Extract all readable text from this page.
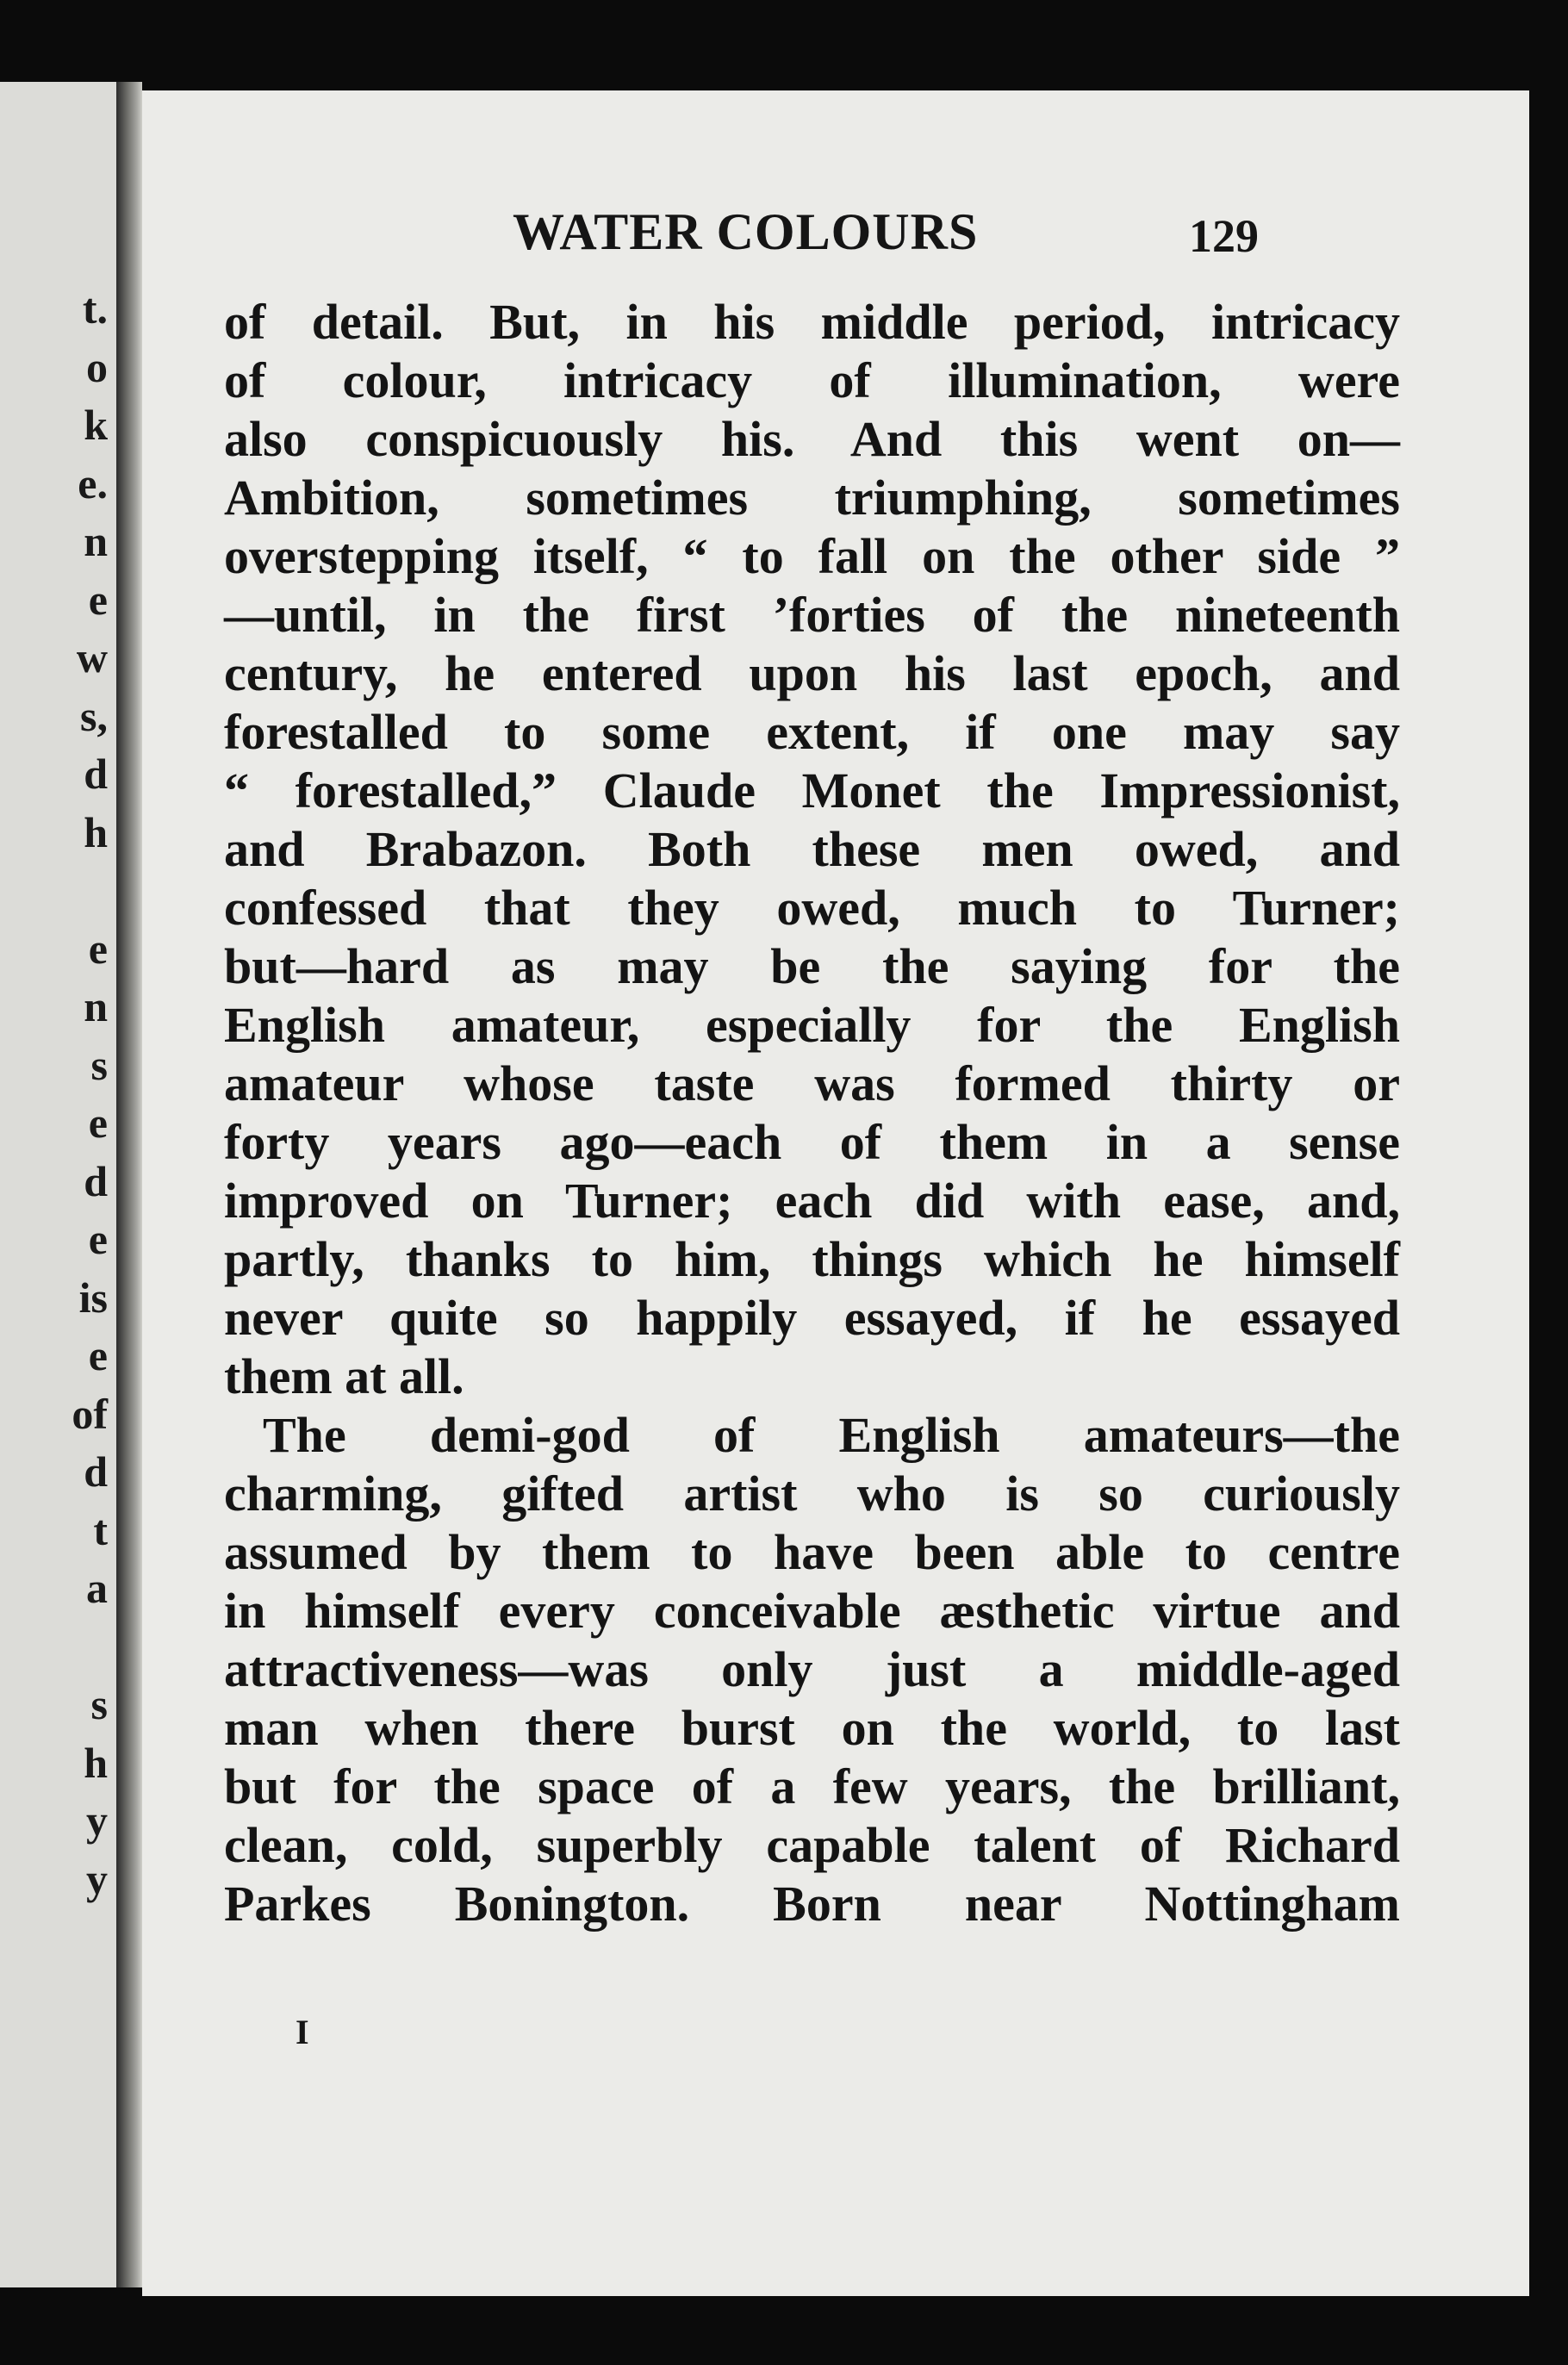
t.
o
k
e.
n
e
w
s,
d
h
e
n
s
e
d
e
is
e
of
d
t
a
s
h
y
y
WATER COLOURS	129
of detail. But, in his middle period, intricacy
of colour, intricacy of illumination, were
also conspicuously his. And this went on—
Ambition, sometimes triumphing, sometimes
overstepping itself, “ to fall on the other side ”
—until, in the first ’forties of the nineteenth
century, he entered upon his last epoch, and
forestalled to some extent, if one may say
“ forestalled,” Claude Monet the Impressionist,
and Brabazon. Both these men owed, and
confessed that they owed, much to Turner;
but—hard as may be the saying for the
English amateur, especially for the English
amateur whose taste was formed thirty or
forty years ago—each of them in a sense
improved on Turner; each did with ease, and,
partly, thanks to him, things which he himself
never quite so happily essayed, if he essayed
them at all.
The demi-god of English amateurs—the
charming, gifted artist who is so curiously
assumed by them to have been able to centre
in himself every conceivable æsthetic virtue and
attractiveness—was only just a middle-aged
man when there burst on the world, to last
but for the space of a few years, the brilliant,
clean, cold, superbly capable talent of Richard
Parkes Bonington. Born near Nottingham
I
